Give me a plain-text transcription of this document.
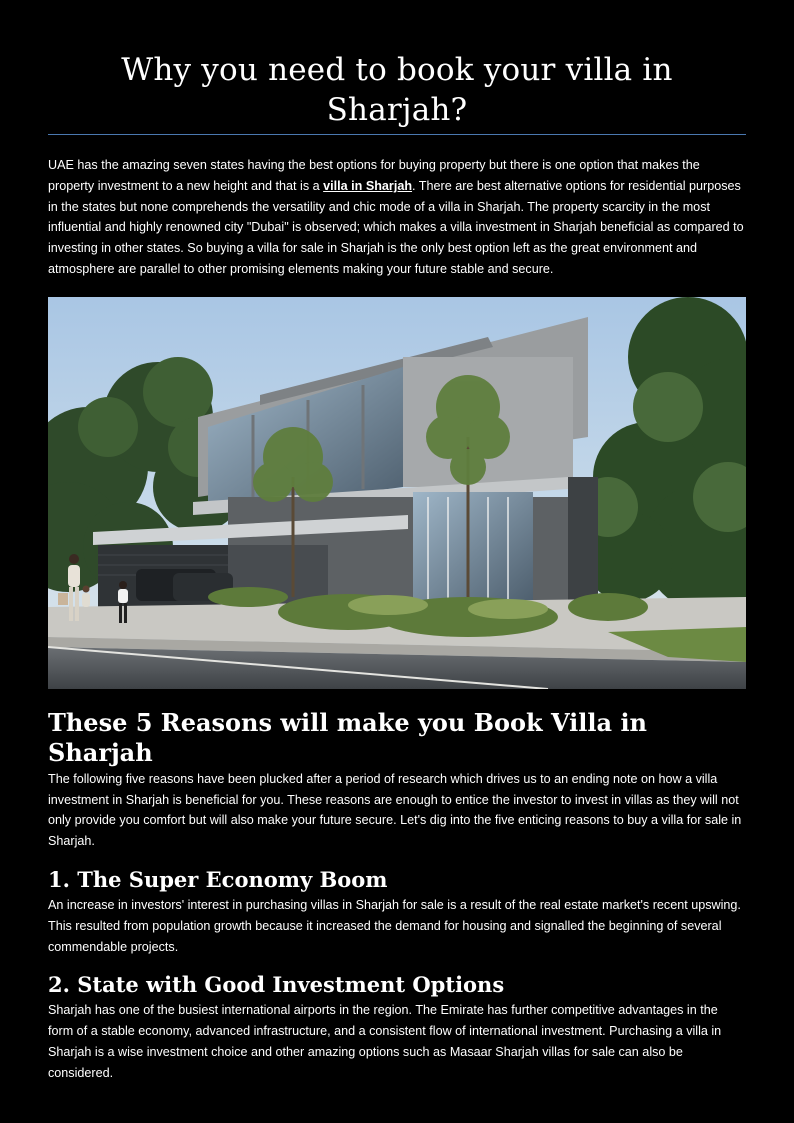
Why you need to book your villa in Sharjah?

UAE has the amazing seven states having the best options for buying property but there is one option that makes the property investment to a new height and that is a villa in Sharjah. There are best alternative options for residential purposes in the states but none comprehends the versatility and chic mode of a villa in Sharjah. The property scarcity in the most influential and highly renowned city "Dubai" is observed; which makes a villa investment in Sharjah beneficial as compared to investing in other states. So buying a villa for sale in Sharjah is the only best option left as the great environment and atmosphere are parallel to other promising elements making your future stable and secure.

These 5 Reasons will make you Book Villa in Sharjah

The following five reasons have been plucked after a period of research which drives us to an ending note on how a villa investment in Sharjah is beneficial for you. These reasons are enough to entice the investor to invest in villas as they will not only provide you comfort but will also make your future secure. Let's dig into the five enticing reasons to buy a villa for sale in Sharjah.

1. The Super Economy Boom

An increase in investors' interest in purchasing villas in Sharjah for sale is a result of the real estate market's recent upswing. This resulted from population growth because it increased the demand for housing and signalled the beginning of several commendable projects.

2. State with Good Investment Options

Sharjah has one of the busiest international airports in the region. The Emirate has further competitive advantages in the form of a stable economy, advanced infrastructure, and a consistent flow of international investment. Purchasing a villa in Sharjah is a wise investment choice and other amazing options such as Masaar Sharjah villas for sale can also be considered.
